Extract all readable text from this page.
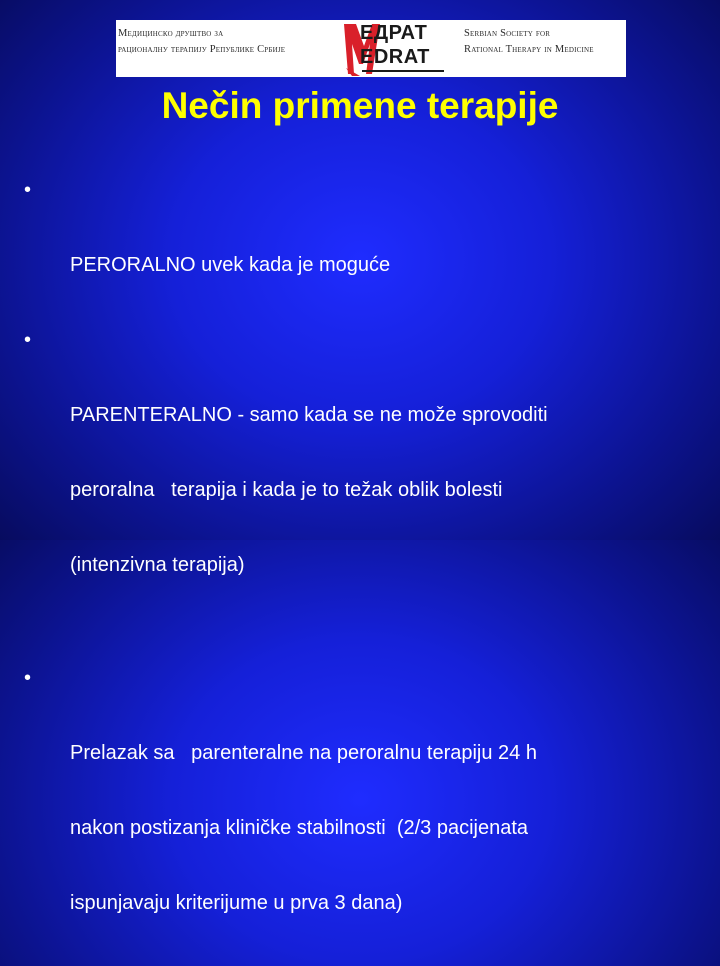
Медицинско друштво за
рационалну терапију Републике Србије
ЕДРАТ
EDRAT
Serbian Society for
Rational Therapy in Medicine
Nečin primene terapije

•

PERORALNO uvek kada je moguće

•

PARENTERALNO - samo kada se ne može sprovoditi

peroralna   terapija i kada je to težak oblik bolesti

(intenzivna terapija)

•

Prelazak sa   parenteralne na peroralnu terapiju 24 h

nakon postizanja kliničke stabilnosti  (2/3 pacijenata

ispunjavaju kriterijume u prva 3 dana)
